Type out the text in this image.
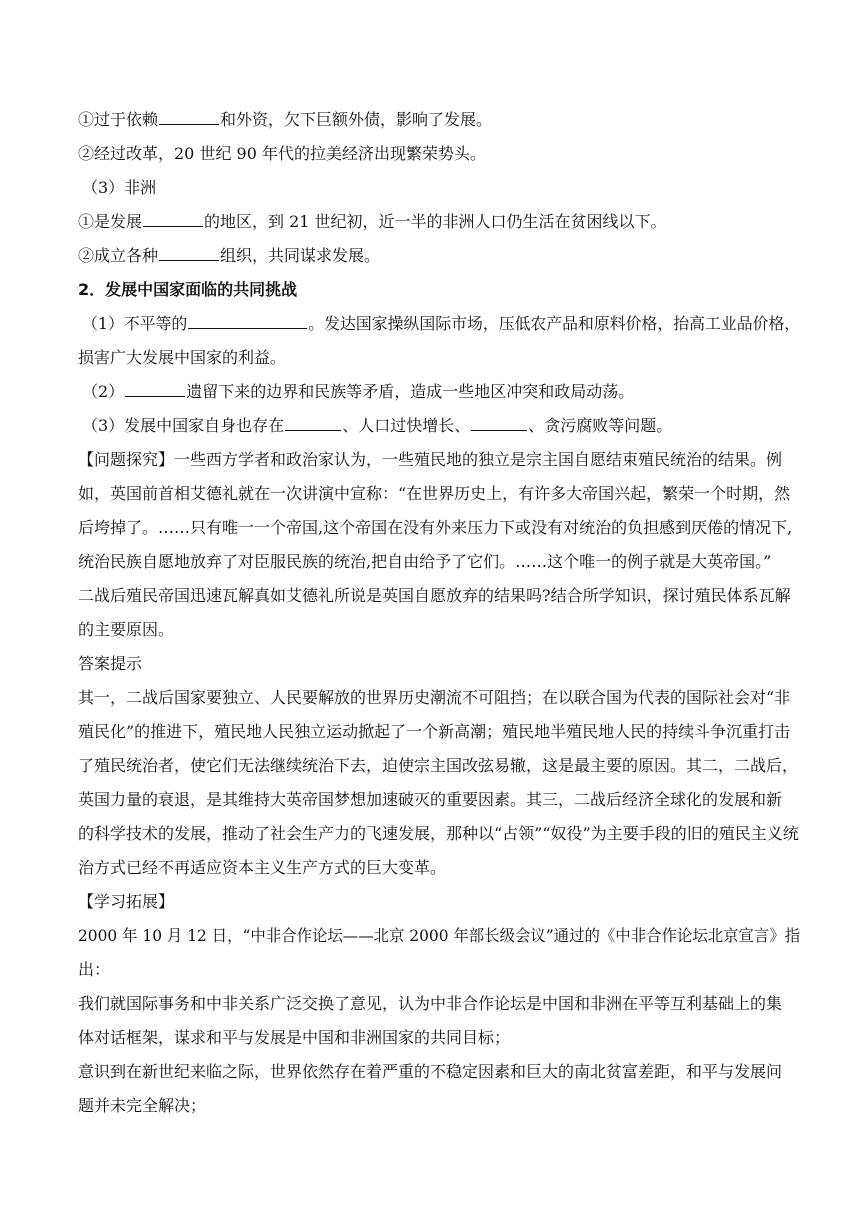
①过于依赖	和外资，欠下巨额外债，影响了发展。
②经过改革，20 世纪 90 年代的拉美经济出现繁荣势头。
（3）非洲
①是发展	的地区，到 21 世纪初，近一半的非洲人口仍生活在贫困线以下。
②成立各种	组织，共同谋求发展。
2．发展中国家面临的共同挑战
（1）不平等的	。发达国家操纵国际市场，压低农产品和原料价格，抬高工业品价格，
损害广大发展中国家的利益。
（2）	遗留下来的边界和民族等矛盾，造成一些地区冲突和政局动荡。
（3）发展中国家自身也存在	、人口过快增长、	、贪污腐败等问题。
【问题探究】一些西方学者和政治家认为，一些殖民地的独立是宗主国自愿结束殖民统治的结果。例
如，英国前首相艾德礼就在一次讲演中宣称：“在世界历史上，有许多大帝国兴起，繁荣一个时期，然
后垮掉了。……只有唯一一个帝国,这个帝国在没有外来压力下或没有对统治的负担感到厌倦的情况下,
统治民族自愿地放弃了对臣服民族的统治,把自由给予了它们。……这个唯一的例子就是大英帝国。”
二战后殖民帝国迅速瓦解真如艾德礼所说是英国自愿放弃的结果吗?结合所学知识，探讨殖民体系瓦解
的主要原因。
答案提示
其一，二战后国家要独立、人民要解放的世界历史潮流不可阻挡；在以联合国为代表的国际社会对“非
殖民化”的推进下，殖民地人民独立运动掀起了一个新高潮；殖民地半殖民地人民的持续斗争沉重打击
了殖民统治者，使它们无法继续统治下去，迫使宗主国改弦易辙，这是最主要的原因。其二，二战后，
英国力量的衰退，是其维持大英帝国梦想加速破灭的重要因素。其三，二战后经济全球化的发展和新
的科学技术的发展，推动了社会生产力的飞速发展，那种以“占领”“奴役”为主要手段的旧的殖民主义统
治方式已经不再适应资本主义生产方式的巨大变革。
【学习拓展】
2000 年 10 月 12 日，“中非合作论坛——北京 2000 年部长级会议”通过的《中非合作论坛北京宣言》指
出：
我们就国际事务和中非关系广泛交换了意见，认为中非合作论坛是中国和非洲在平等互利基础上的集
体对话框架，谋求和平与发展是中国和非洲国家的共同目标；
意识到在新世纪来临之际，世界依然存在着严重的不稳定因素和巨大的南北贫富差距，和平与发展问
题并未完全解决；
